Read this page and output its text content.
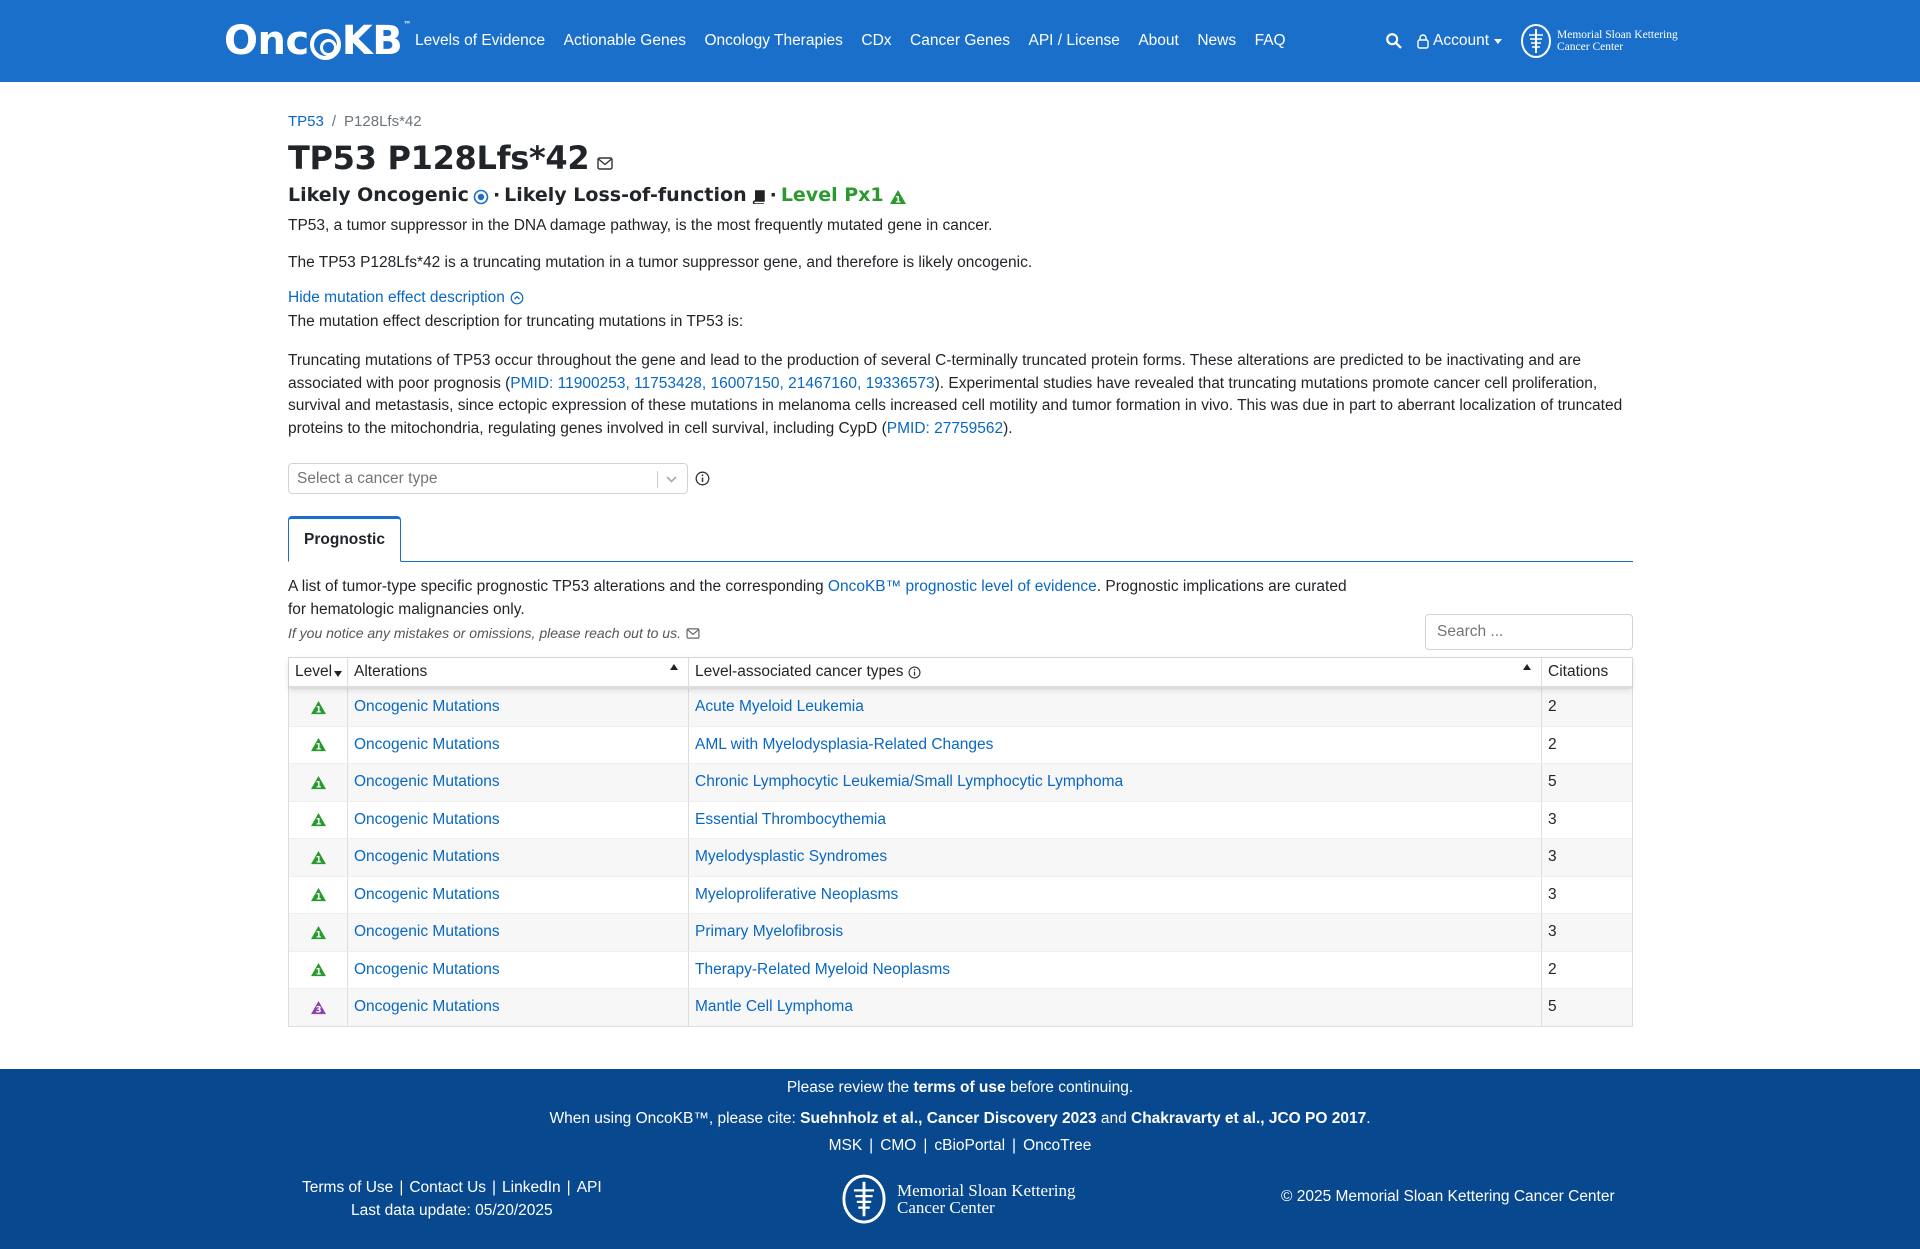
Onc KB™
Levels of Evidence Actionable Genes Oncology Therapies CDx Cancer Genes API / License About News FAQ	Account	Memorial Sloan Kettering
Cancer Center
TP53 / P128Lfs*42
TP53 P128Lfs*42
Likely Oncogenic · Likely Loss-of-function · Level Px1 1
TP53, a tumor suppressor in the DNA damage pathway, is the most frequently mutated gene in cancer.
The TP53 P128Lfs*42 is a truncating mutation in a tumor suppressor gene, and therefore is likely oncogenic.
Hide mutation effect description
The mutation effect description for truncating mutations in TP53 is:
Truncating mutations of TP53 occur throughout the gene and lead to the production of several C-terminally truncated protein forms. These alterations are predicted to be inactivating and are associated with poor prognosis (PMID: 11900253, 11753428, 16007150, 21467160, 19336573). Experimental studies have revealed that truncating mutations promote cancer cell proliferation, survival and metastasis, since ectopic expression of these mutations in melanoma cells increased cell motility and tumor formation in vivo. This was due in part to aberrant localization of truncated proteins to the mitochondria, regulating genes involved in cell survival, including CypD (PMID: 27759562).
Select a cancer type
Prognostic
A list of tumor-type specific prognostic TP53 alterations and the corresponding OncoKB™ prognostic level of evidence. Prognostic implications are curated for hematologic malignancies only.
If you notice any mistakes or omissions, please reach out to us.
Search ...
Level Alterations	Level-associated cancer types	Citations
1 Oncogenic Mutations	Acute Myeloid Leukemia	2
1 Oncogenic Mutations	AML with Myelodysplasia-Related Changes	2
1 Oncogenic Mutations	Chronic Lymphocytic Leukemia/Small Lymphocytic Lymphoma	5
1 Oncogenic Mutations	Essential Thrombocythemia	3
1 Oncogenic Mutations	Myelodysplastic Syndromes	3
1 Oncogenic Mutations	Myeloproliferative Neoplasms	3
1 Oncogenic Mutations	Primary Myelofibrosis	3
1 Oncogenic Mutations	Therapy-Related Myeloid Neoplasms	2
3 Oncogenic Mutations	Mantle Cell Lymphoma	5
Please review the terms of use before continuing.
When using OncoKB™, please cite: Suehnholz et al., Cancer Discovery 2023 and Chakravarty et al., JCO PO 2017.
MSK | CMO | cBioPortal | OncoTree
Terms of Use | Contact Us | LinkedIn | API
Last data update: 05/20/2025
Memorial Sloan Kettering
Cancer Center
© 2025 Memorial Sloan Kettering Cancer Center
